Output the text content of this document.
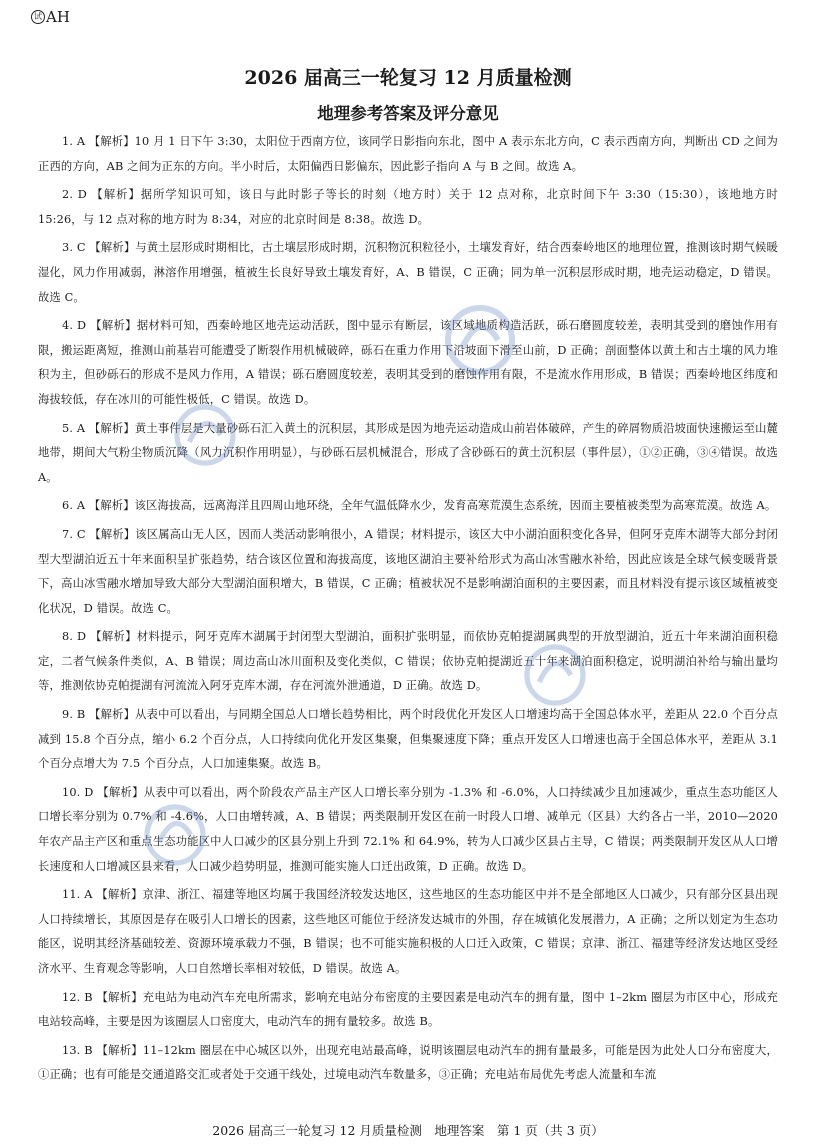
试 AH
2026 届高三一轮复习 12 月质量检测
地理参考答案及评分意见

1. A 【解析】10 月 1 日下午 3:30，太阳位于西南方位，该同学日影指向东北，图中 A 表示东北方向，C 表示西南方向，判断出 CD 之间为正西的方向，AB 之间为正东的方向。半小时后，太阳偏西日影偏东，因此影子指向 A 与 B 之间。故选 A。

2. D 【解析】据所学知识可知，该日与此时影子等长的时刻（地方时）关于 12 点对称，北京时间下午 3:30（15:30），该地地方时 15:26，与 12 点对称的地方时为 8:34，对应的北京时间是 8:38。故选 D。

3. C 【解析】与黄土层形成时期相比，古土壤层形成时期，沉积物沉积粒径小，土壤发育好，结合西秦岭地区的地理位置，推测该时期气候暖湿化，风力作用减弱，淋溶作用增强，植被生长良好导致土壤发育好，A、B 错误，C 正确；同为单一沉积层形成时期，地壳运动稳定，D 错误。故选 C。

4. D 【解析】据材料可知，西秦岭地区地壳运动活跃，图中显示有断层，该区域地质构造活跃，砾石磨圆度较差，表明其受到的磨蚀作用有限，搬运距离短，推测山前基岩可能遭受了断裂作用机械破碎，砾石在重力作用下沿坡面下滑至山前，D 正确；剖面整体以黄土和古土壤的风力堆积为主，但砂砾石的形成不是风力作用，A 错误；砾石磨圆度较差，表明其受到的磨蚀作用有限，不是流水作用形成，B 错误；西秦岭地区纬度和海拔较低，存在冰川的可能性极低，C 错误。故选 D。

5. A 【解析】黄土事件层是大量砂砾石汇入黄土的沉积层，其形成是因为地壳运动造成山前岩体破碎，产生的碎屑物质沿坡面快速搬运至山麓地带，期间大气粉尘物质沉降（风力沉积作用明显），与砂砾石层机械混合，形成了含砂砾石的黄土沉积层（事件层），①②正确，③④错误。故选 A。

6. A 【解析】该区海拔高，远离海洋且四周山地环绕，全年气温低降水少，发育高寒荒漠生态系统，因而主要植被类型为高寒荒漠。故选 A。

7. C 【解析】该区属高山无人区，因而人类活动影响很小，A 错误；材料提示，该区大中小湖泊面积变化各异，但阿牙克库木湖等大部分封闭型大型湖泊近五十年来面积呈扩张趋势，结合该区位置和海拔高度，该地区湖泊主要补给形式为高山冰雪融水补给，因此应该是全球气候变暖背景下，高山冰雪融水增加导致大部分大型湖泊面积增大，B 错误，C 正确；植被状况不是影响湖泊面积的主要因素，而且材料没有提示该区域植被变化状况，D 错误。故选 C。

8. D 【解析】材料提示，阿牙克库木湖属于封闭型大型湖泊，面积扩张明显，而依协克帕提湖属典型的开放型湖泊，近五十年来湖泊面积稳定，二者气候条件类似，A、B 错误；周边高山冰川面积及变化类似，C 错误；依协克帕提湖近五十年来湖泊面积稳定，说明湖泊补给与输出量均等，推测依协克帕提湖有河流流入阿牙克库木湖，存在河流外泄通道，D 正确。故选 D。

9. B 【解析】从表中可以看出，与同期全国总人口增长趋势相比，两个时段优化开发区人口增速均高于全国总体水平，差距从 22.0 个百分点减到 15.8 个百分点，缩小 6.2 个百分点，人口持续向优化开发区集聚，但集聚速度下降；重点开发区人口增速也高于全国总体水平，差距从 3.1 个百分点增大为 7.5 个百分点，人口加速集聚。故选 B。

10. D 【解析】从表中可以看出，两个阶段农产品主产区人口增长率分别为 -1.3% 和 -6.0%，人口持续减少且加速减少，重点生态功能区人口增长率分别为 0.7% 和 -4.6%，人口由增转减，A、B 错误；两类限制开发区在前一时段人口增、减单元（区县）大约各占一半，2010—2020 年农产品主产区和重点生态功能区中人口减少的区县分别上升到 72.1% 和 64.9%，转为人口减少区县占主导，C 错误；两类限制开发区从人口增长速度和人口增减区县来看，人口减少趋势明显，推测可能实施人口迁出政策，D 正确。故选 D。

11. A 【解析】京津、浙江、福建等地区均属于我国经济较发达地区，这些地区的生态功能区中并不是全部地区人口减少，只有部分区县出现人口持续增长，其原因是存在吸引人口增长的因素，这些地区可能位于经济发达城市的外围，存在城镇化发展潜力，A 正确；之所以划定为生态功能区，说明其经济基础较差、资源环境承载力不强，B 错误；也不可能实施积极的人口迁入政策，C 错误；京津、浙江、福建等经济发达地区受经济水平、生育观念等影响，人口自然增长率相对较低，D 错误。故选 A。

12. B 【解析】充电站为电动汽车充电所需求，影响充电站分布密度的主要因素是电动汽车的拥有量，图中 1–2km 圈层为市区中心，形成充电站较高峰，主要是因为该圈层人口密度大，电动汽车的拥有量较多。故选 B。

13. B 【解析】11–12km 圈层在中心城区以外，出现充电站最高峰，说明该圈层电动汽车的拥有量最多，可能是因为此处人口分布密度大，①正确；也有可能是交通道路交汇或者处于交通干线处，过境电动汽车数量多，③正确；充电站布局优先考虑人流量和车流

2026 届高三一轮复习 12 月质量检测　地理答案　第 1 页（共 3 页）
